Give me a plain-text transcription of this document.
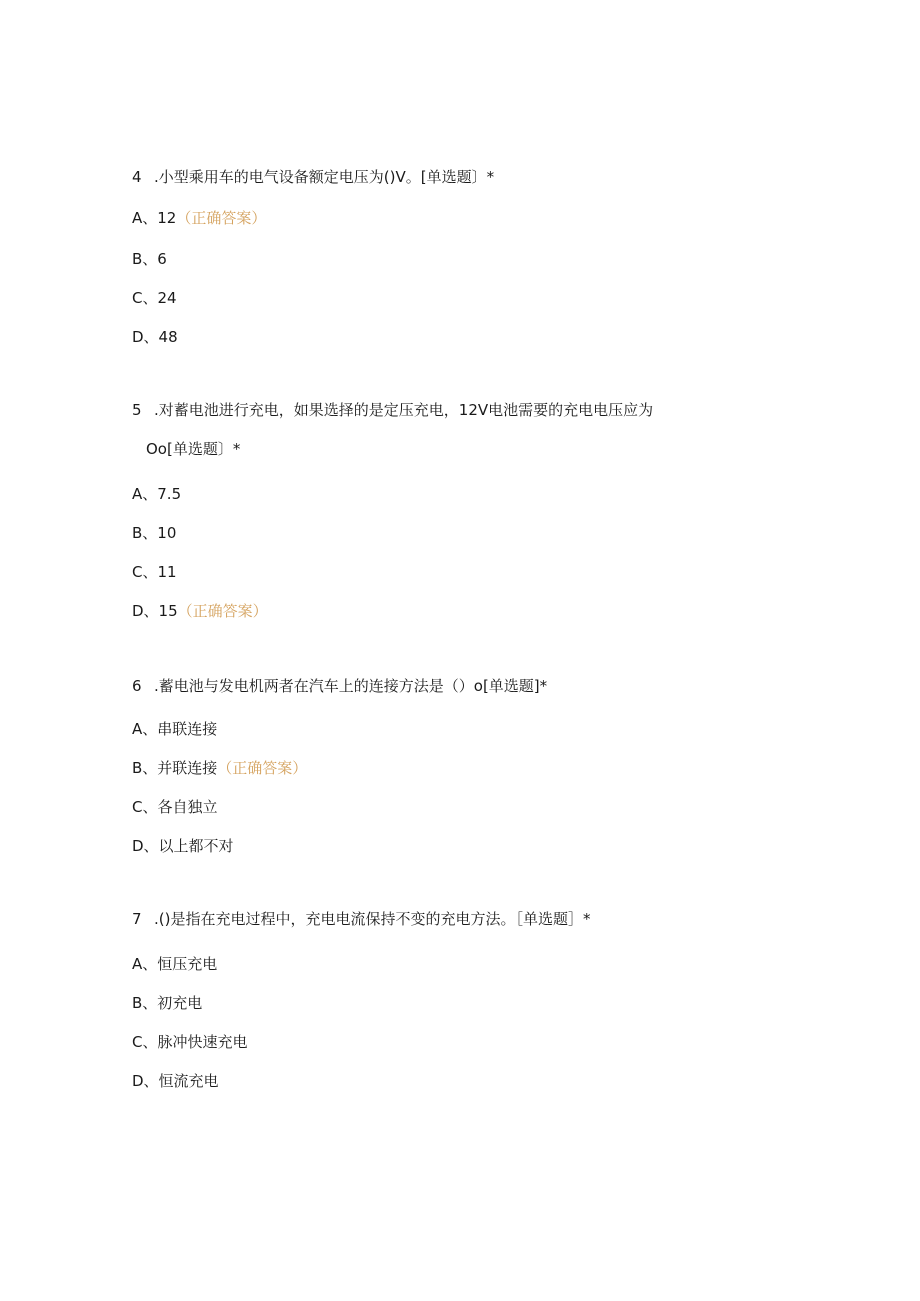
4 .小型乘用车的电气设备额定电压为()V。[单选题〕*
A、12（正确答案）
B、6
C、24
D、48
5 .对蓄电池进行充电，如果选择的是定压充电，12V电池需要的充电电压应为
Oo[单选题〕*
A、7.5
B、10
C、11
D、15（正确答案）
6 .蓄电池与发电机两者在汽车上的连接方法是（）o[单选题]*
A、串联连接
B、并联连接（正确答案）
C、各自独立
D、以上都不对
7 .()是指在充电过程中，充电电流保持不变的充电方法。［单选题］*
A、恒压充电
B、初充电
C、脉冲快速充电
D、恒流充电
